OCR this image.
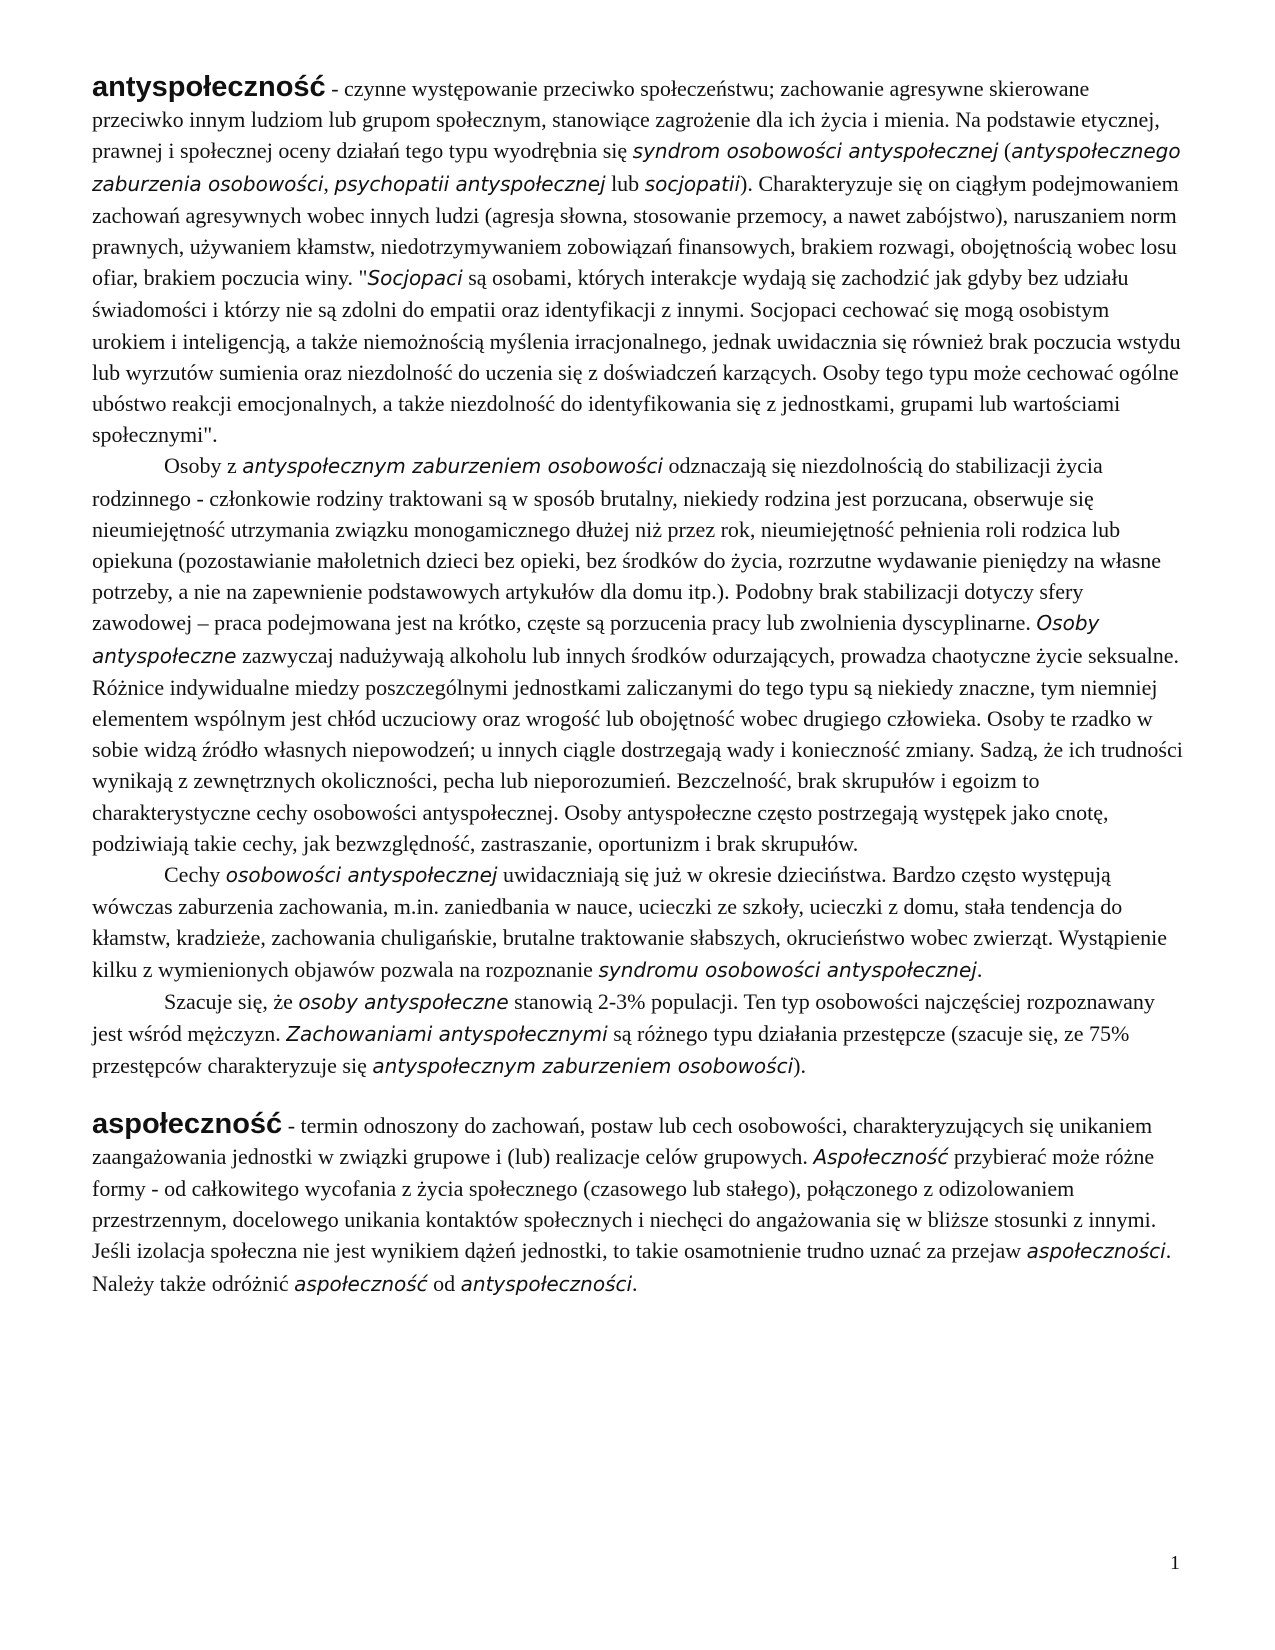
antyspołeczność - czynne występowanie przeciwko społeczeństwu; zachowanie agresywne skierowane przeciwko innym ludziom lub grupom społecznym, stanowiące zagrożenie dla ich życia i mienia. Na podstawie etycznej, prawnej i społecznej oceny działań tego typu wyodrębnia się syndrom osobowości antyspołecznej (antyspołecznego zaburzenia osobowości, psychopatii antyspołecznej lub socjopatii). Charakteryzuje się on ciągłym podejmowaniem zachowań agresywnych wobec innych ludzi (agresja słowna, stosowanie przemocy, a nawet zabójstwo), naruszaniem norm prawnych, używaniem kłamstw, niedotrzymywaniem zobowiązań finansowych, brakiem rozwagi, obojętnością wobec losu ofiar, brakiem poczucia winy. "Socjopaci są osobami, których interakcje wydają się zachodzić jak gdyby bez udziału świadomości i którzy nie są zdolni do empatii oraz identyfikacji z innymi. Socjopaci cechować się mogą osobistym urokiem i inteligencją, a także niemożnością myślenia irracjonalnego, jednak uwidacznia się również brak poczucia wstydu lub wyrzutów sumienia oraz niezdolność do uczenia się z doświadczeń karzących. Osoby tego typu może cechować ogólne ubóstwo reakcji emocjonalnych, a także niezdolność do identyfikowania się z jednostkami, grupami lub wartościami społecznymi".

Osoby z antyspołecznym zaburzeniem osobowości odznaczają się niezdolnością do stabilizacji życia rodzinnego - członkowie rodziny traktowani są w sposób brutalny, niekiedy rodzina jest porzucana, obserwuje się nieumiejętność utrzymania związku monogamicznego dłużej niż przez rok, nieumiejętność pełnienia roli rodzica lub opiekuna (pozostawianie małoletnich dzieci bez opieki, bez środków do życia, rozrzutne wydawanie pieniędzy na własne potrzeby, a nie na zapewnienie podstawowych artykułów dla domu itp.). Podobny brak stabilizacji dotyczy sfery zawodowej – praca podejmowana jest na krótko, częste są porzucenia pracy lub zwolnienia dyscyplinarne. Osoby antyspołeczne zazwyczaj nadużywają alkoholu lub innych środków odurzających, prowadza chaotyczne życie seksualne. Różnice indywidualne miedzy poszczególnymi jednostkami zaliczanymi do tego typu są niekiedy znaczne, tym niemniej elementem wspólnym jest chłód uczuciowy oraz wrogość lub obojętność wobec drugiego człowieka. Osoby te rzadko w sobie widzą źródło własnych niepowodzeń; u innych ciągle dostrzegają wady i konieczność zmiany. Sadzą, że ich trudności wynikają z zewnętrznych okoliczności, pecha lub nieporozumień. Bezczelność, brak skrupułów i egoizm to charakterystyczne cechy osobowości antyspołecznej. Osoby antyspołeczne często postrzegają występek jako cnotę, podziwiają takie cechy, jak bezwzględność, zastraszanie, oportunizm i brak skrupułów.

Cechy osobowości antyspołecznej uwidaczniają się już w okresie dzieciństwa. Bardzo często występują wówczas zaburzenia zachowania, m.in. zaniedbania w nauce, ucieczki ze szkoły, ucieczki z domu, stała tendencja do kłamstw, kradzieże, zachowania chuligańskie, brutalne traktowanie słabszych, okrucieństwo wobec zwierząt. Wystąpienie kilku z wymienionych objawów pozwala na rozpoznanie syndromu osobowości antyspołecznej.

Szacuje się, że osoby antyspołeczne stanowią 2-3% populacji. Ten typ osobowości najczęściej rozpoznawany jest wśród mężczyzn. Zachowaniami antyspołecznymi są różnego typu działania przestępcze (szacuje się, ze 75% przestępców charakteryzuje się antyspołecznym zaburzeniem osobowości).

aspołeczność - termin odnoszony do zachowań, postaw lub cech osobowości, charakteryzujących się unikaniem zaangażowania jednostki w związki grupowe i (lub) realizacje celów grupowych. Aspołeczność przybierać może różne formy - od całkowitego wycofania z życia społecznego (czasowego lub stałego), połączonego z odizolowaniem przestrzennym, docelowego unikania kontaktów społecznych i niechęci do angażowania się w bliższe stosunki z innymi. Jeśli izolacja społeczna nie jest wynikiem dążeń jednostki, to takie osamotnienie trudno uznać za przejaw aspołeczności. Należy także odróżnić aspołeczność od antyspołeczności.

1
